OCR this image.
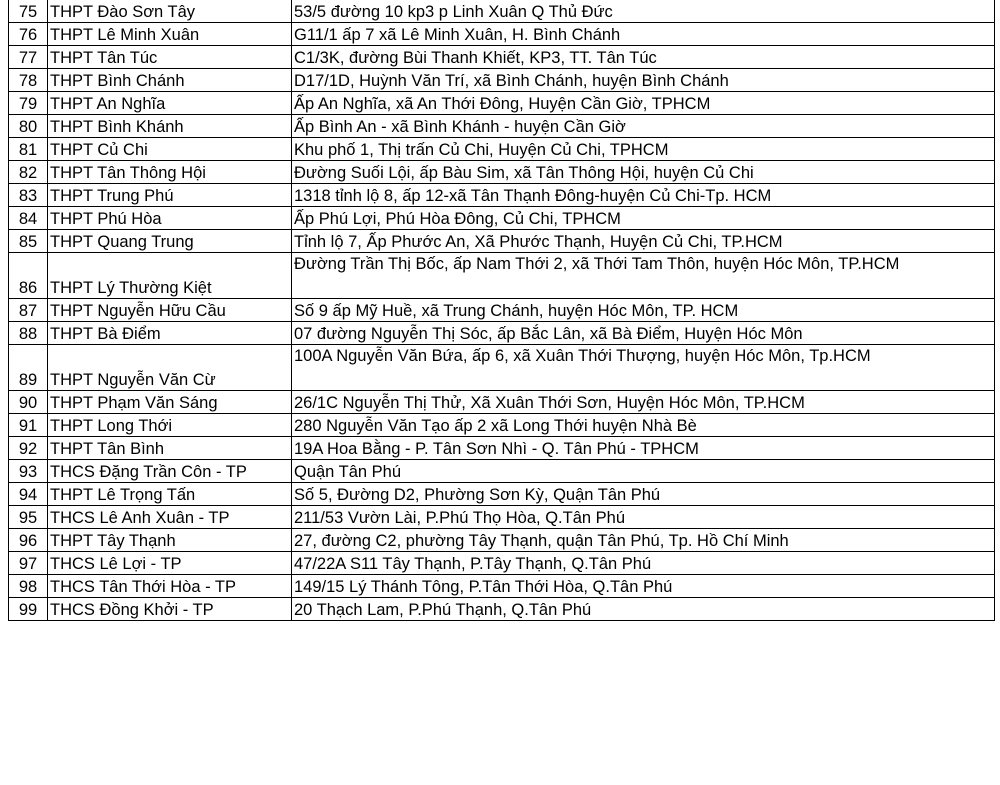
75	THPT Đào Sơn Tây	53/5 đường 10 kp3 p Linh Xuân Q Thủ Đức
76	THPT Lê Minh Xuân	G11/1 ấp 7 xã Lê Minh Xuân, H. Bình Chánh
77	THPT Tân Túc	C1/3K, đường Bùi Thanh Khiết, KP3, TT. Tân Túc
78	THPT Bình Chánh	D17/1D, Huỳnh Văn Trí, xã Bình Chánh, huyện Bình Chánh
79	THPT An Nghĩa	Ấp An Nghĩa, xã An Thới Đông, Huyện Cần Giờ, TPHCM
80	THPT Bình Khánh	Ấp Bình An - xã Bình Khánh - huyện Cần Giờ
81	THPT Củ Chi	Khu phố 1, Thị trấn Củ Chi, Huyện Củ Chi, TPHCM
82	THPT Tân Thông Hội	Đường Suối Lội, ấp Bàu Sim, xã Tân Thông Hội, huyện Củ Chi
83	THPT Trung Phú	1318 tỉnh lộ 8, ấp 12-xã Tân Thạnh Đông-huyện Củ Chi-Tp. HCM
84	THPT Phú Hòa	Ấp Phú Lợi, Phú Hòa Đông, Củ Chi, TPHCM
85	THPT Quang Trung	Tỉnh lộ 7, Ấp Phước An, Xã Phước Thạnh, Huyện Củ Chi, TP.HCM
86	THPT Lý Thường Kiệt	Đường Trần Thị Bốc, ấp Nam Thới 2, xã Thới Tam Thôn, huyện Hóc Môn, TP.HCM
87	THPT Nguyễn Hữu Cầu	Số 9 ấp Mỹ Huề, xã Trung Chánh, huyện Hóc Môn, TP. HCM
88	THPT Bà Điểm	07 đường Nguyễn Thị Sóc, ấp Bắc Lân, xã Bà Điểm, Huyện Hóc Môn
89	THPT Nguyễn Văn Cừ	100A Nguyễn Văn Bứa, ấp 6, xã Xuân Thới Thượng, huyện Hóc Môn, Tp.HCM
90	THPT Phạm Văn Sáng	26/1C Nguyễn Thị Thử, Xã Xuân Thới Sơn, Huyện Hóc Môn, TP.HCM
91	THPT Long Thới	280 Nguyễn Văn Tạo ấp 2 xã Long Thới huyện Nhà Bè
92	THPT Tân Bình	19A Hoa Bằng - P. Tân Sơn Nhì - Q. Tân Phú - TPHCM
93	THCS Đặng Trần Côn - TP	Quận Tân Phú
94	THPT Lê Trọng Tấn	Số 5, Đường D2, Phường Sơn Kỳ, Quận Tân Phú
95	THCS Lê Anh Xuân - TP	211/53 Vườn Lài, P.Phú Thọ Hòa, Q.Tân Phú
96	THPT Tây Thạnh	27, đường C2, phường Tây Thạnh, quận Tân Phú, Tp. Hồ Chí Minh
97	THCS Lê Lợi - TP	47/22A S11 Tây Thạnh, P.Tây Thạnh, Q.Tân Phú
98	THCS Tân Thới Hòa - TP	149/15 Lý Thánh Tông, P.Tân Thới Hòa, Q.Tân Phú
99	THCS Đồng Khởi - TP	20 Thạch Lam, P.Phú Thạnh, Q.Tân Phú
